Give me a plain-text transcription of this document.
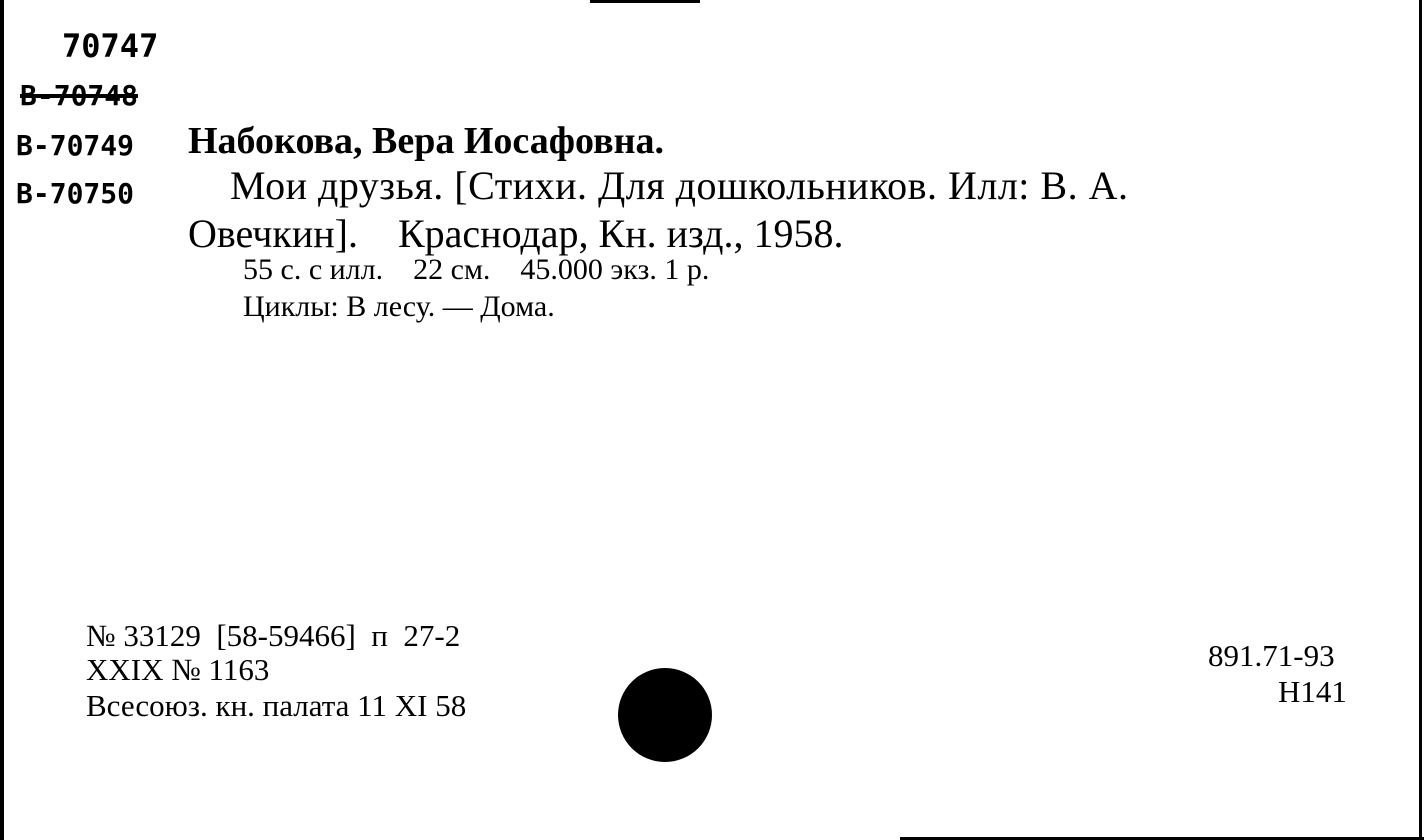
70747
В-70748
В-70749
В-70750
Набокова, Вера Иосафовна.
Мои друзья. [Стихи. Для дошкольников. Илл: В. А.
Овечкин].    Краснодар, Кн. изд., 1958.
55 с. с илл.    22 см.    45.000 экз. 1 р.
Циклы: В лесу. — Дома.
№ 33129  [58-59466]  п  27-2
XXIX № 1163
Всесоюз. кн. палата 11 XI 58
891.71-93
Н141
